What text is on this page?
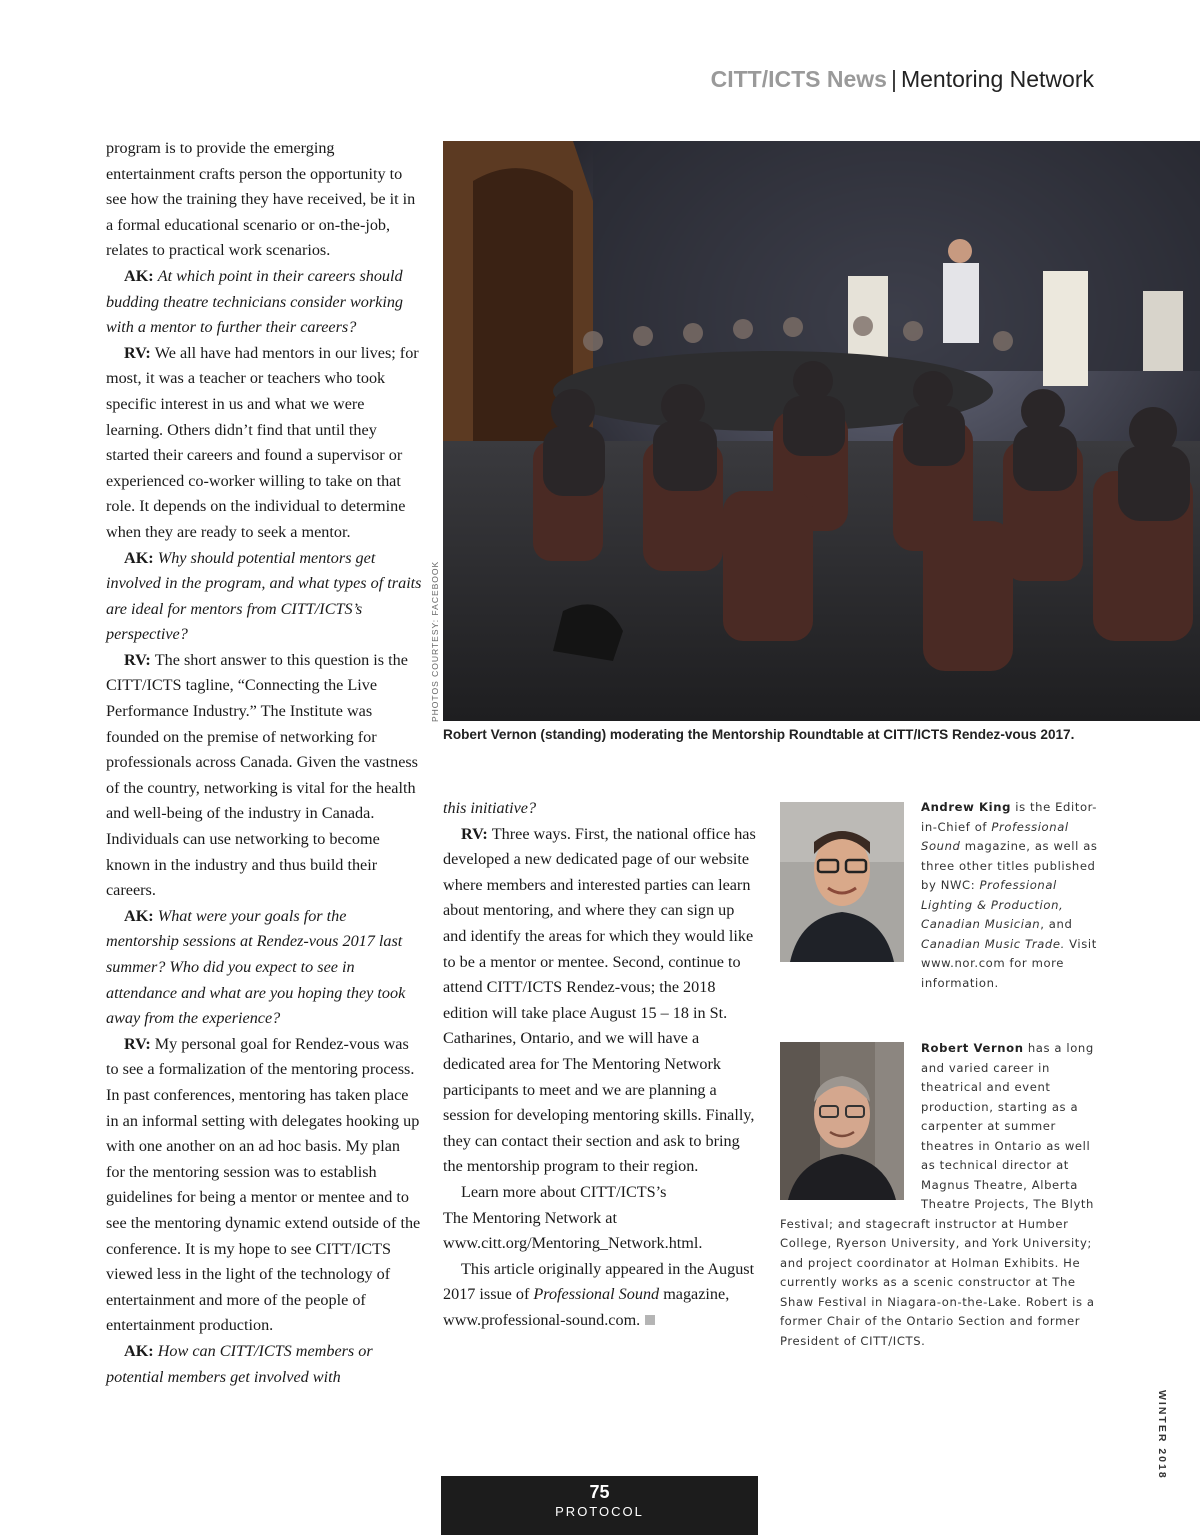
CITT/ICTS News | Mentoring Network

program is to provide the emerging entertainment crafts person the opportunity to see how the training they have received, be it in a formal educational scenario or on-the-job, relates to practical work scenarios.

AK: At which point in their careers should budding theatre technicians consider working with a mentor to further their careers?

RV: We all have had mentors in our lives; for most, it was a teacher or teachers who took specific interest in us and what we were learning. Others didn’t find that until they started their careers and found a supervisor or experienced co-worker willing to take on that role. It depends on the individual to determine when they are ready to seek a mentor.

AK: Why should potential mentors get involved in the program, and what types of traits are ideal for mentors from CITT/ICTS’s perspective?

RV: The short answer to this question is the CITT/ICTS tagline, “Connecting the Live Performance Industry.” The Institute was founded on the premise of networking for professionals across Canada. Given the vastness of the country, networking is vital for the health and well-being of the industry in Canada. Individuals can use networking to become known in the industry and thus build their careers.

AK: What were your goals for the mentorship sessions at Rendez-vous 2017 last summer? Who did you expect to see in attendance and what are you hoping they took away from the experience?

RV: My personal goal for Rendez-vous was to see a formalization of the mentoring process. In past conferences, mentoring has taken place in an informal setting with delegates hooking up with one another on an ad hoc basis. My plan for the mentoring session was to establish guidelines for being a mentor or mentee and to see the mentoring dynamic extend outside of the conference. It is my hope to see CITT/ICTS viewed less in the light of the technology of entertainment and more of the people of entertainment production.

AK: How can CITT/ICTS members or potential members get involved with

PHOTOS COURTESY: FACEBOOK
Robert Vernon (standing) moderating the Mentorship Roundtable at CITT/ICTS Rendez-vous 2017.

this initiative?

RV: Three ways. First, the national office has developed a new dedicated page of our website where members and interested parties can learn about mentoring, and where they can sign up and identify the areas for which they would like to be a mentor or mentee. Second, continue to attend CITT/ICTS Rendez-vous; the 2018 edition will take place August 15 – 18 in St. Catharines, Ontario, and we will have a dedicated area for The Mentoring Network participants to meet and we are planning a session for developing mentoring skills. Finally, they can contact their section and ask to bring the mentorship program to their region.

Learn more about CITT/ICTS’s
The Mentoring Network at
www.citt.org/Mentoring_Network.html.

This article originally appeared in the August 2017 issue of Professional Sound magazine, www.professional-sound.com.

Andrew King is the Editor-in-Chief of Professional Sound magazine, as well as three other titles published by NWC: Professional Lighting & Production, Canadian Musician, and Canadian Music Trade. Visit www.nor.com for more information.
Robert Vernon has a long and varied career in theatrical and event production, starting as a carpenter at summer theatres in Ontario as well as technical director at Magnus Theatre, Alberta Theatre Projects, The Blyth Festival; and stagecraft instructor at Humber College, Ryerson University, and York University; and project coordinator at Holman Exhibits. He currently works as a scenic constructor at The Shaw Festival in Niagara-on-the-Lake. Robert is a former Chair of the Ontario Section and former President of CITT/ICTS.
75
PROTOCOL
WINTER 2018
